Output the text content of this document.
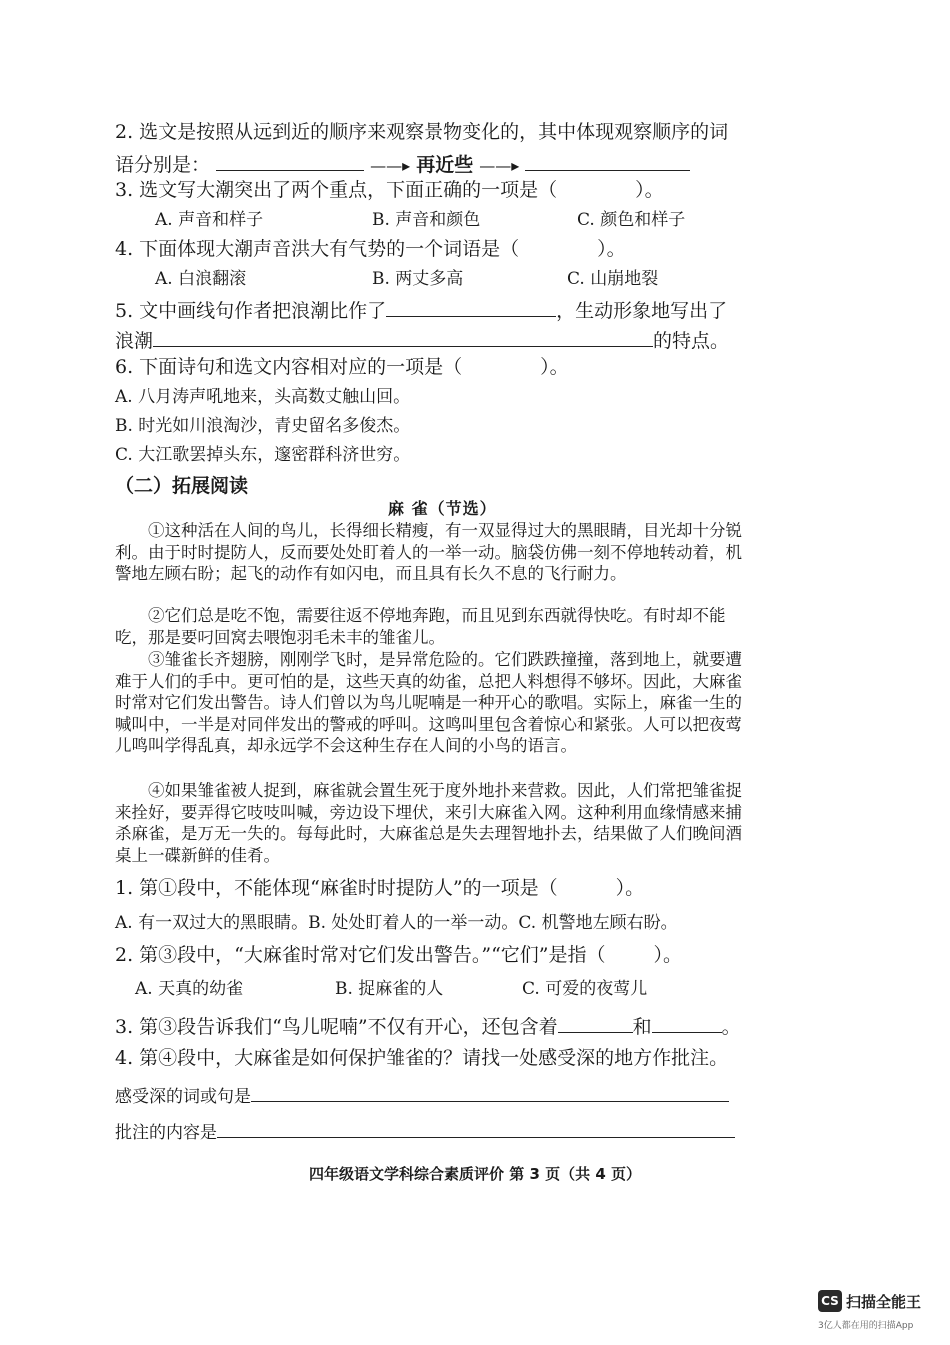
2. 选文是按照从远到近的顺序来观察景物变化的，其中体现观察顺序的词
语分别是：	——▸ 再近些 ——▸
3. 选文写大潮突出了两个重点，下面正确的一项是（	）。
A. 声音和样子	B. 声音和颜色	C. 颜色和样子
4. 下面体现大潮声音洪大有气势的一个词语是（	）。
A. 白浪翻滚	B. 两丈多高	C. 山崩地裂
5. 文中画线句作者把浪潮比作了	，生动形象地写出了
浪潮	的特点。
6. 下面诗句和选文内容相对应的一项是（	）。
A. 八月涛声吼地来，头高数丈触山回。
B. 时光如川浪淘沙，青史留名多俊杰。
C. 大江歌罢掉头东，邃密群科济世穷。
（二）拓展阅读
麻 雀（节选）
①这种活在人间的鸟儿，长得细长精瘦，有一双显得过大的黑眼睛，目光却十分锐利。由于时时提防人，反而要处处盯着人的一举一动。脑袋仿佛一刻不停地转动着，机警地左顾右盼；起飞的动作有如闪电，而且具有长久不息的飞行耐力。
②它们总是吃不饱，需要往返不停地奔跑，而且见到东西就得快吃。有时却不能吃，那是要叼回窝去喂饱羽毛未丰的雏雀儿。
③雏雀长齐翅膀，刚刚学飞时，是异常危险的。它们跌跌撞撞，落到地上，就要遭难于人们的手中。更可怕的是，这些天真的幼雀，总把人料想得不够坏。因此，大麻雀时常对它们发出警告。诗人们曾以为鸟儿呢喃是一种开心的歌唱。实际上，麻雀一生的喊叫中，一半是对同伴发出的警戒的呼叫。这鸣叫里包含着惊心和紧张。人可以把夜莺儿鸣叫学得乱真，却永远学不会这种生存在人间的小鸟的语言。
④如果雏雀被人捉到，麻雀就会置生死于度外地扑来营救。因此，人们常把雏雀捉来拴好，要弄得它吱吱叫喊，旁边设下埋伏，来引大麻雀入网。这种利用血缘情感来捕杀麻雀，是万无一失的。每每此时，大麻雀总是失去理智地扑去，结果做了人们晚间酒桌上一碟新鲜的佳肴。
1. 第①段中，不能体现“麻雀时时提防人”的一项是（	）。
A. 有一双过大的黑眼睛。B. 处处盯着人的一举一动。C. 机警地左顾右盼。
2. 第③段中，“大麻雀时常对它们发出警告。”“它们”是指（	）。
A. 天真的幼雀	B. 捉麻雀的人	C. 可爱的夜莺儿
3. 第③段告诉我们“鸟儿呢喃”不仅有开心，还包含着	和	。
4. 第④段中，大麻雀是如何保护雏雀的？请找一处感受深的地方作批注。
感受深的词或句是
批注的内容是
四年级语文学科综合素质评价 第 3 页（共 4 页）
CS 扫描全能王
3亿人都在用的扫描App
